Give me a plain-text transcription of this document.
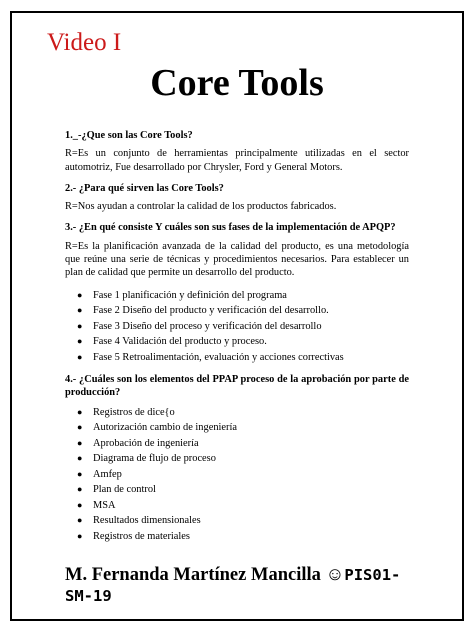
Video I
Core Tools
1._-¿Que son las Core Tools?
R=Es un conjunto de herramientas principalmente utilizadas en el sector automotriz, Fue desarrollado por Chrysler, Ford y General Motors.
2.- ¿Para qué sirven las Core Tools?
R=Nos ayudan a controlar la calidad de los productos fabricados.
3.- ¿En qué consiste Y cuáles son sus fases de la implementación de APQP?
R=Es la planificación avanzada de la calidad del producto, es una metodología que reúne una serie de técnicas y procedimientos necesarios. Para establecer un plan de calidad que permite un desarrollo del producto.
● Fase 1 planificación y definición del programa
● Fase 2 Diseño del producto y verificación del desarrollo.
● Fase 3 Diseño del proceso y verificación del desarrollo
● Fase 4 Validación del producto y proceso.
● Fase 5 Retroalimentación, evaluación y acciones correctivas
4.- ¿Cuáles son los elementos del PPAP proceso de la aprobación por parte de producción?
● Registros de dice{o
● Autorización cambio de ingeniería
● Aprobación de ingeniería
● Diagrama de flujo de proceso
● Amfep
● Plan de control
● MSA
● Resultados dimensionales
● Registros de materiales
M. Fernanda Martínez Mancilla ☺PIS01-SM-19
